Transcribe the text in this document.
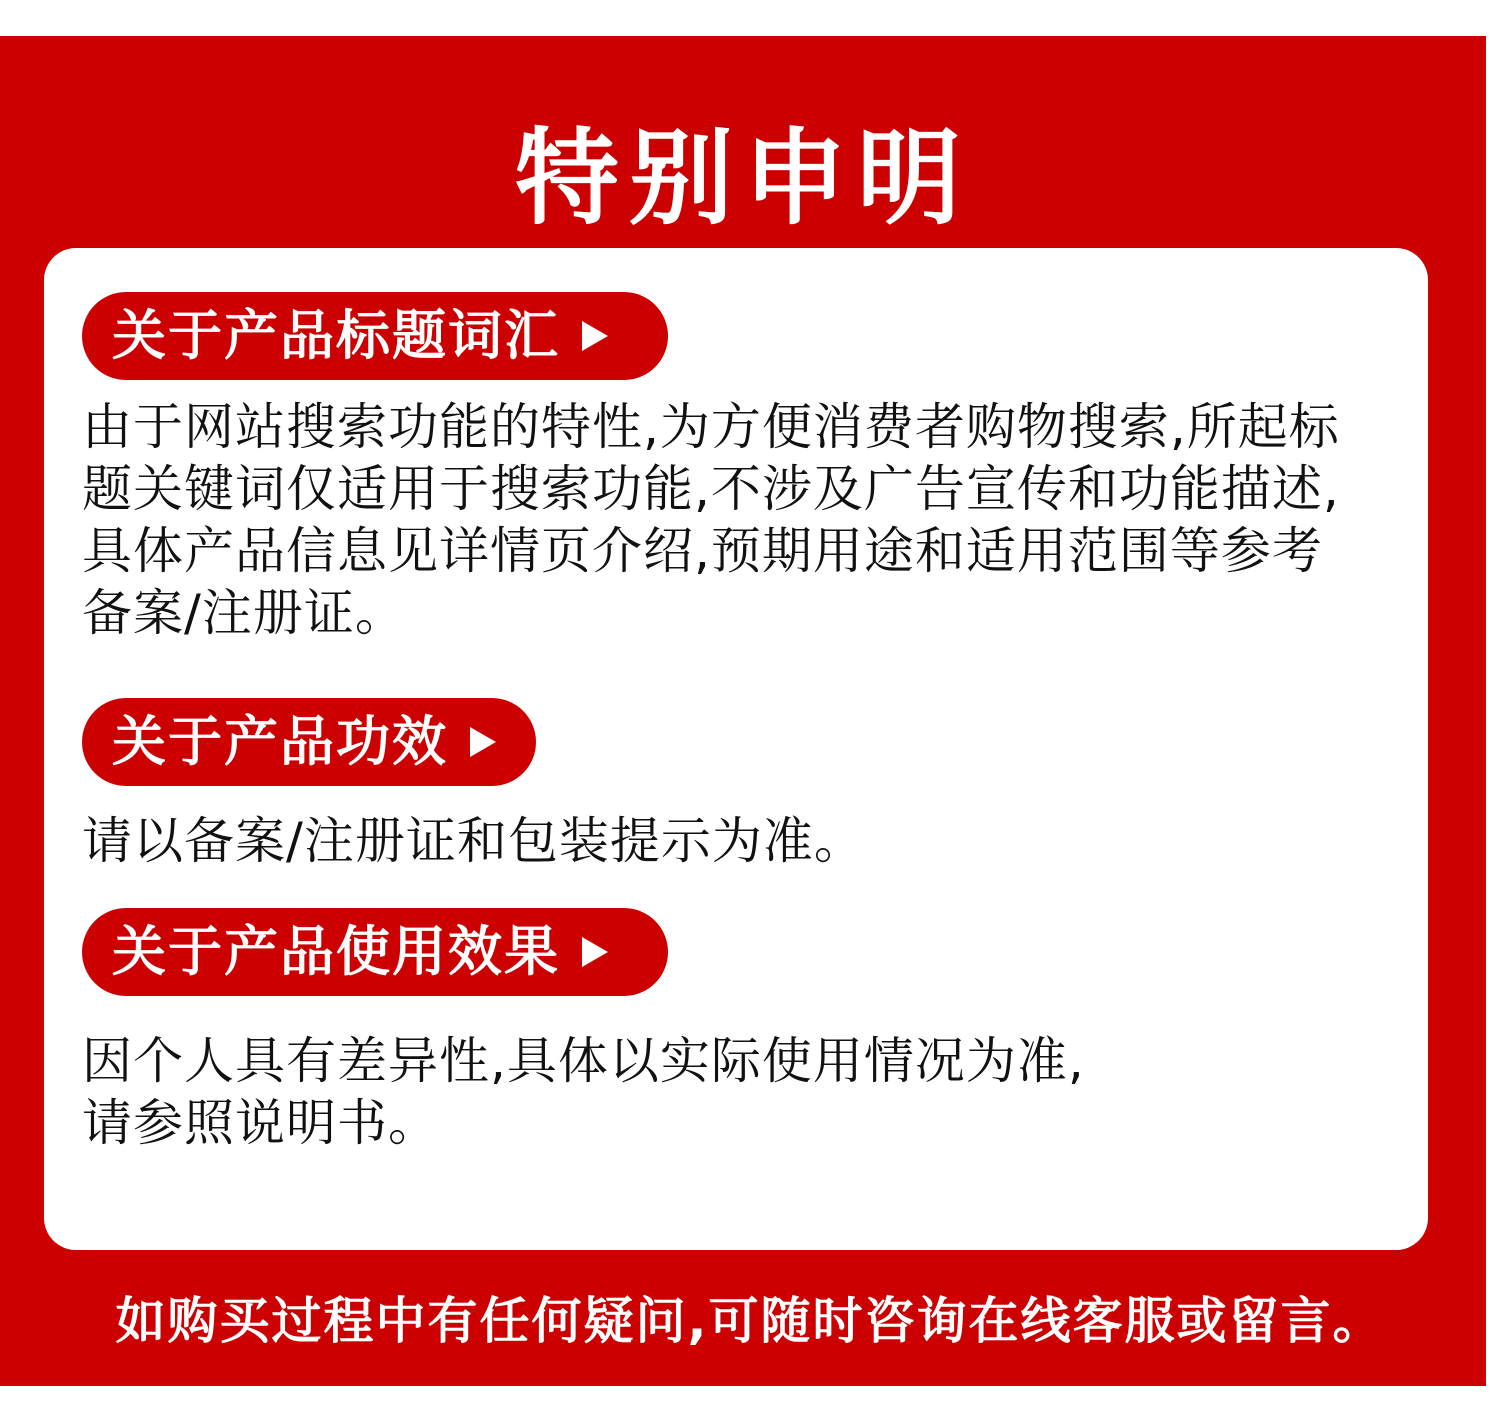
特别申明
关于产品标题词汇
由于网站搜索功能的特性,为方便消费者购物搜索,所起标
题关键词仅适用于搜索功能,不涉及广告宣传和功能描述,
具体产品信息见详情页介绍,预期用途和适用范围等参考
备案/注册证。
关于产品功效
请以备案/注册证和包装提示为准。
关于产品使用效果
因个人具有差异性,具体以实际使用情况为准,
请参照说明书。
如购买过程中有任何疑问,可随时咨询在线客服或留言。
